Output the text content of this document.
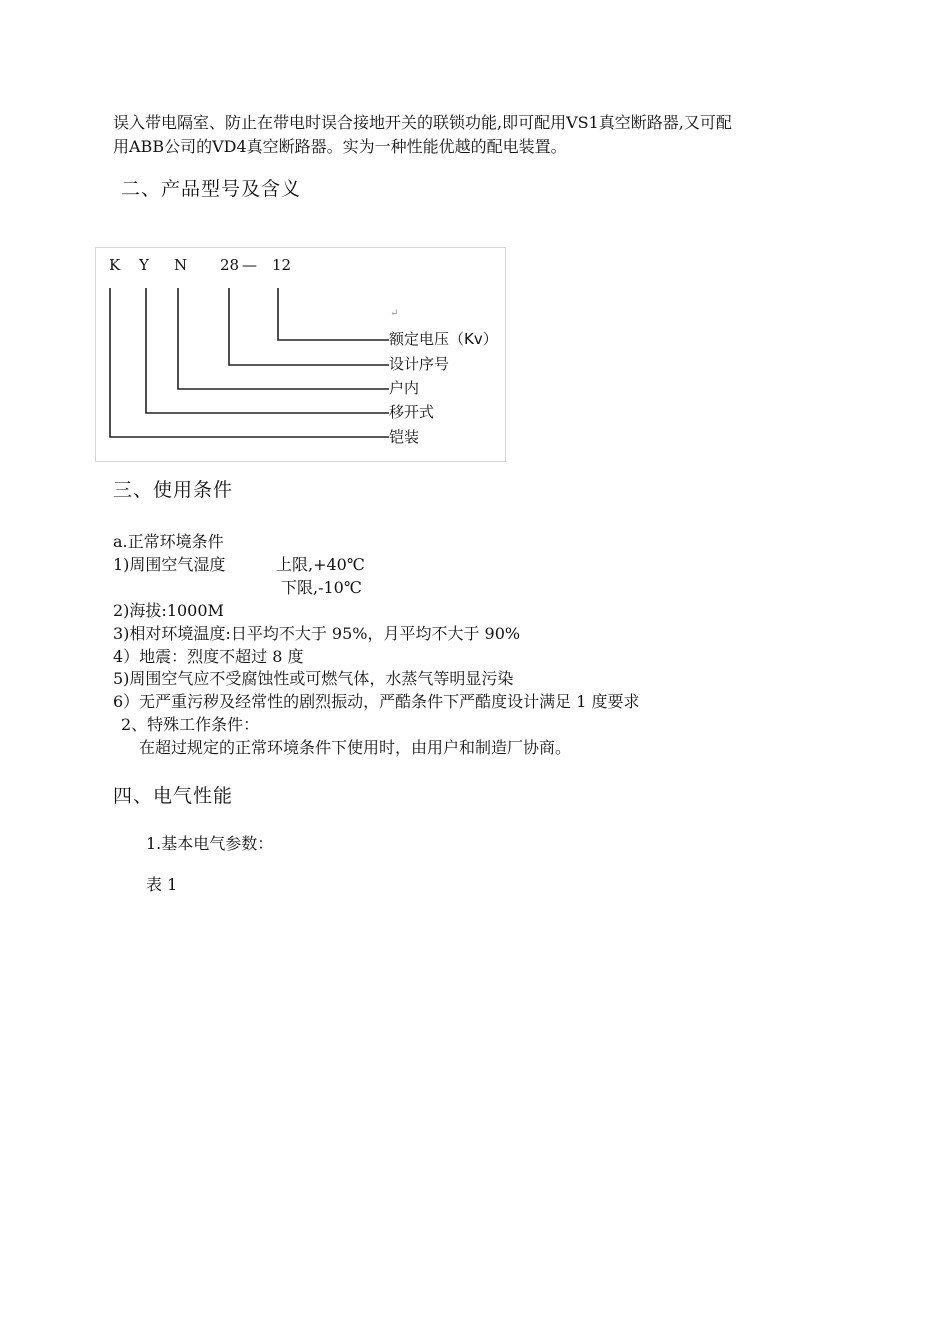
误入带电隔室、防止在带电时误合接地开关的联锁功能,即可配用VS1真空断路器,又可配
用ABB公司的VD4真空断路器。实为一种性能优越的配电装置。
二、产品型号及含义
K Y N 28 — 12
↵
额定电压（Kv）
设计序号
户内
移开式
铠装
三、使用条件
a.正常环境条件
1)周围空气湿度	上限,+40℃
下限,-10℃
2)海拔:1000M
3)相对环境温度:日平均不大于 95%，月平均不大于 90%
4）地震：烈度不超过 8 度
5)周围空气应不受腐蚀性或可燃气体，水蒸气等明显污染
6）无严重污秽及经常性的剧烈振动，严酷条件下严酷度设计满足 1 度要求
2、特殊工作条件：
在超过规定的正常环境条件下使用时，由用户和制造厂协商。
四、电气性能
1.基本电气参数：
表 1
